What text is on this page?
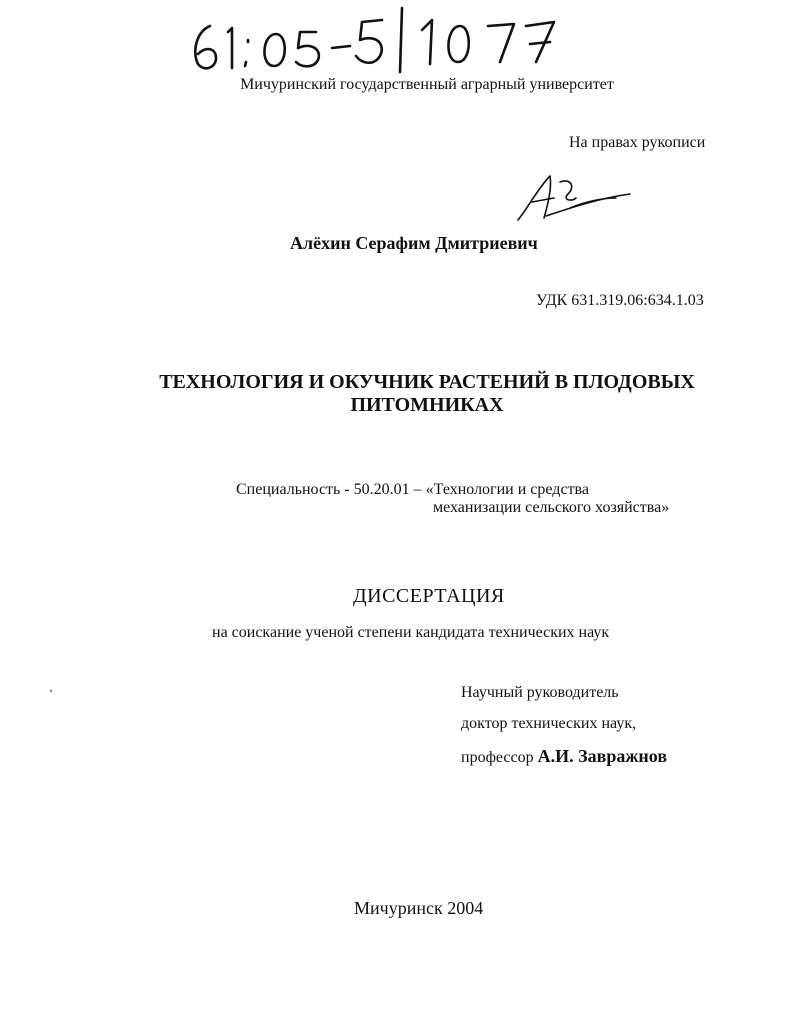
Мичуринский государственный аграрный университет
На правах рукописи
Алёхин Серафим Дмитриевич
УДК 631.319.06:634.1.03
ТЕХНОЛОГИЯ И ОКУЧНИК РАСТЕНИЙ В ПЛОДОВЫХ
ПИТОМНИКАХ
Специальность - 50.20.01 – «Технологии и средства
механизации сельского хозяйства»
ДИССЕРТАЦИЯ
на соискание ученой степени кандидата технических наук
Научный руководитель
доктор технических наук,
профессор А.И. Завражнов
Мичуринск 2004
